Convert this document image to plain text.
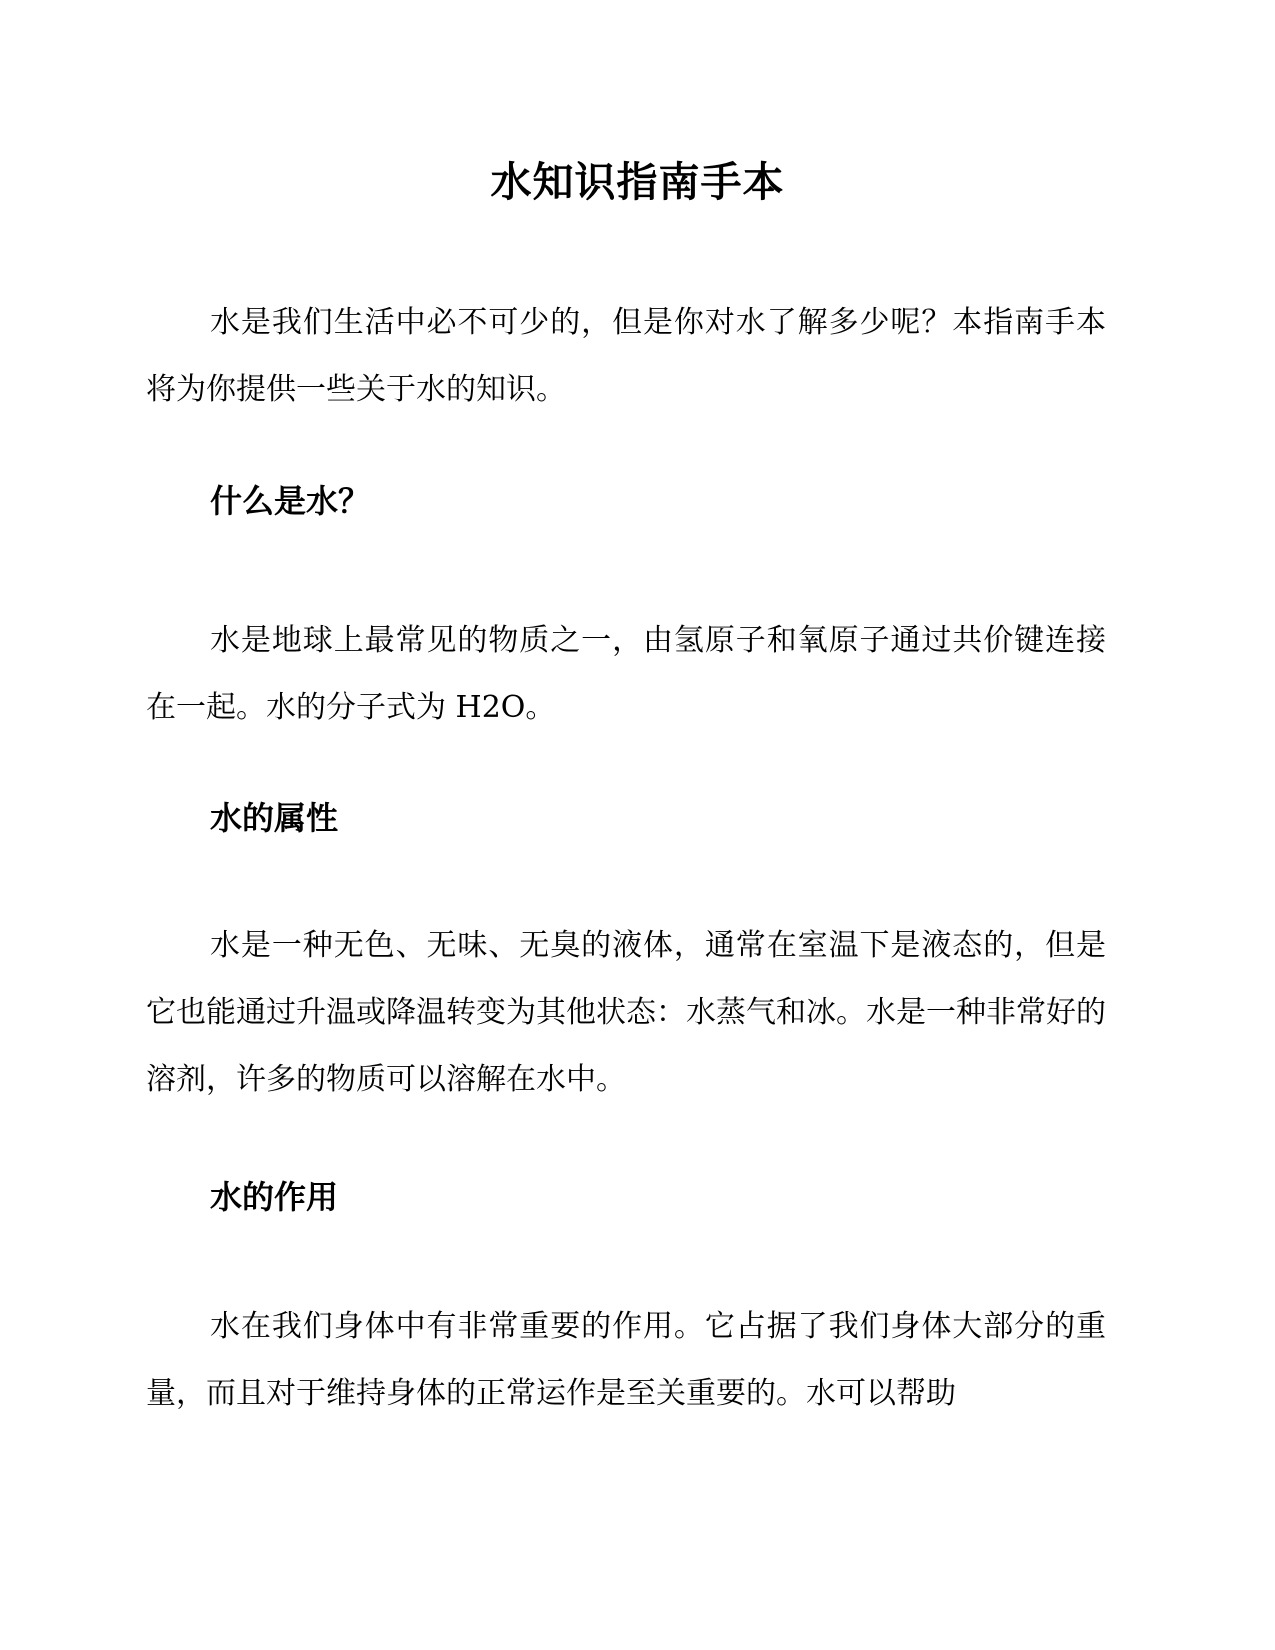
水知识指南手本

水是我们生活中必不可少的，但是你对水了解多少呢？本指南手本将为你提供一些关于水的知识。

什么是水？

水是地球上最常见的物质之一，由氢原子和氧原子通过共价键连接在一起。水的分子式为 H2O。

水的属性

水是一种无色、无味、无臭的液体，通常在室温下是液态的，但是它也能通过升温或降温转变为其他状态：水蒸气和冰。水是一种非常好的溶剂，许多的物质可以溶解在水中。

水的作用

水在我们身体中有非常重要的作用。它占据了我们身体大部分的重量，而且对于维持身体的正常运作是至关重要的。水可以帮助
